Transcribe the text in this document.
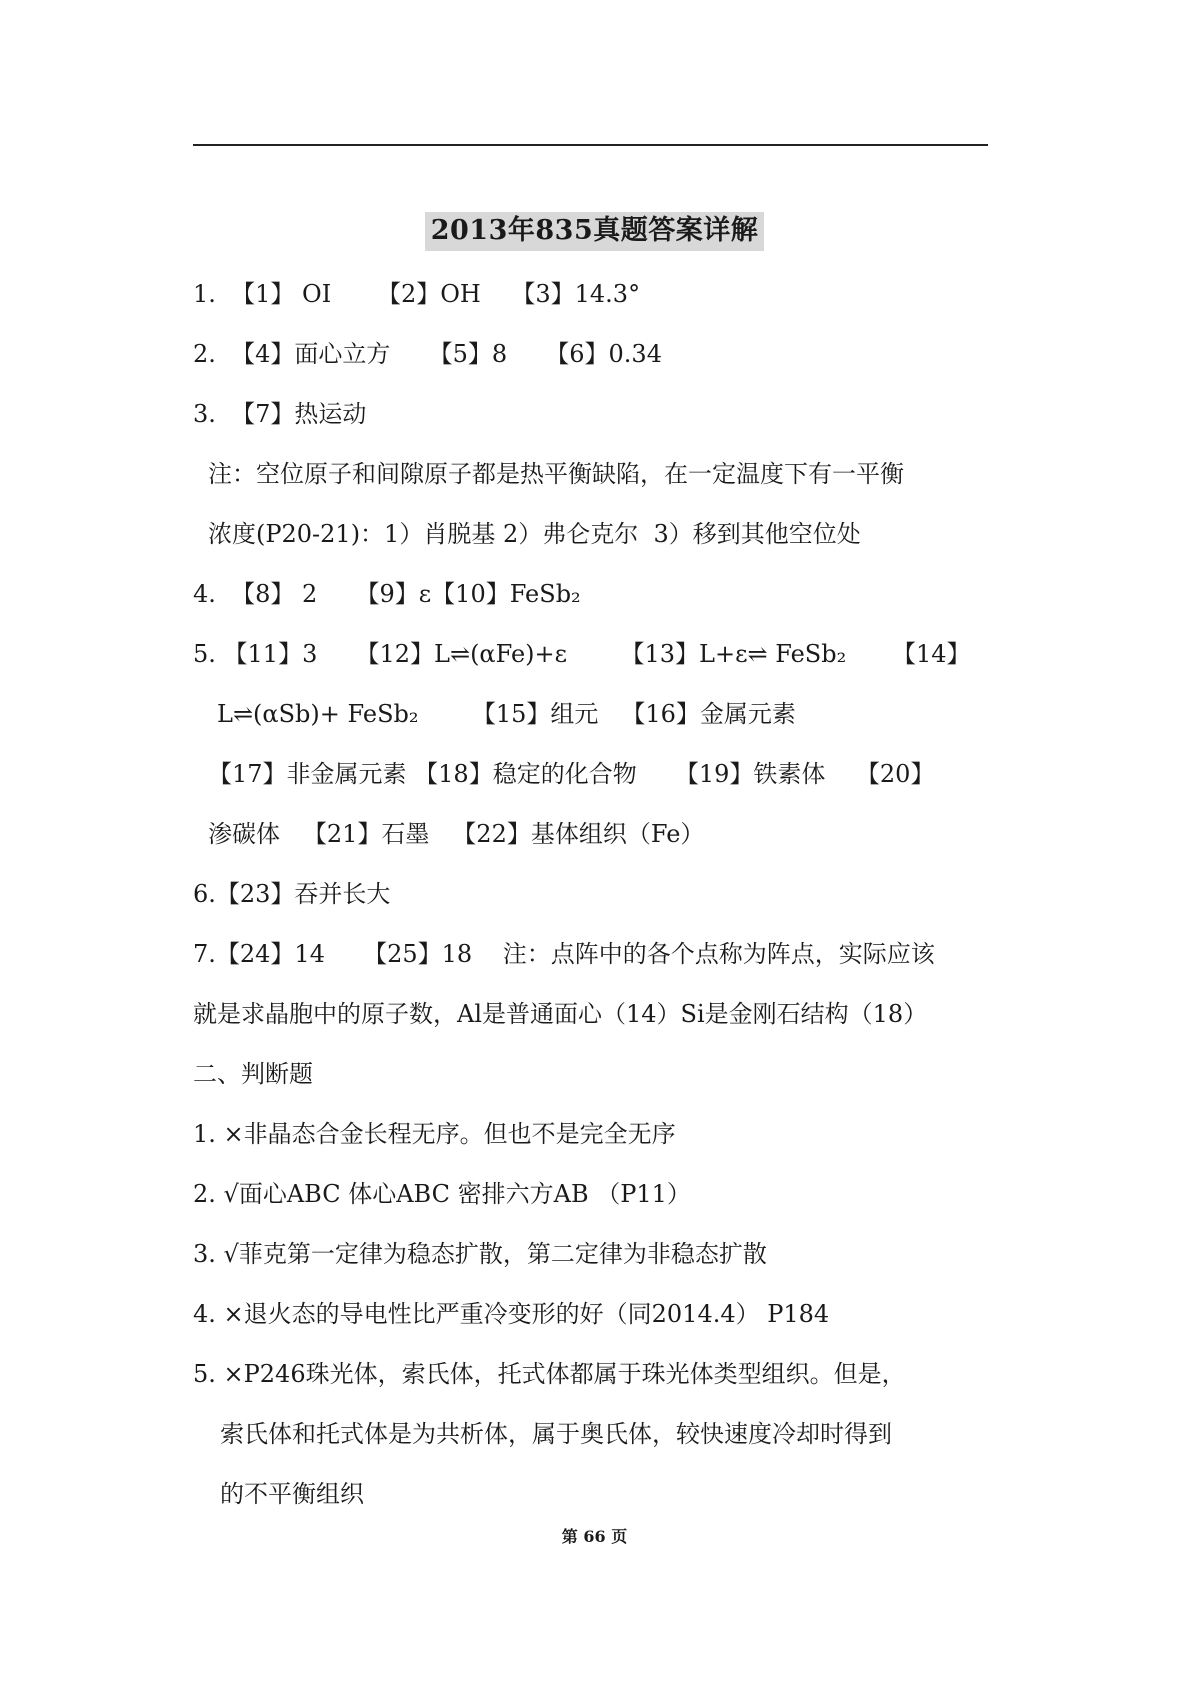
2013年835真题答案详解
1.  【1】 OI      【2】OH    【3】14.3°
2.  【4】面心立方     【5】8     【6】0.34
3.  【7】热运动
注：空位原子和间隙原子都是热平衡缺陷，在一定温度下有一平衡
浓度(P20-21)：1）肖脱基 2）弗仑克尔  3）移到其他空位处
4.  【8】 2     【9】ε【10】FeSb₂
5. 【11】3     【12】L⇌(αFe)+ε       【13】L+ε⇌ FeSb₂      【14】
L⇌(αSb)+ FeSb₂       【15】组元   【16】金属元素
【17】非金属元素 【18】稳定的化合物     【19】铁素体    【20】
渗碳体   【21】石墨   【22】基体组织（Fe）
6.【23】吞并长大
7.【24】14     【25】18    注：点阵中的各个点称为阵点，实际应该
就是求晶胞中的原子数，Al是普通面心（14）Si是金刚石结构（18）
二、判断题
1. ×非晶态合金长程无序。但也不是完全无序
2. √面心ABC 体心ABC 密排六方AB （P11）
3. √菲克第一定律为稳态扩散，第二定律为非稳态扩散
4. ×退火态的导电性比严重冷变形的好（同2014.4） P184
5. ×P246珠光体，索氏体，托式体都属于珠光体类型组织。但是，
索氏体和托式体是为共析体，属于奥氏体，较快速度冷却时得到
的不平衡组织
第 66 页
